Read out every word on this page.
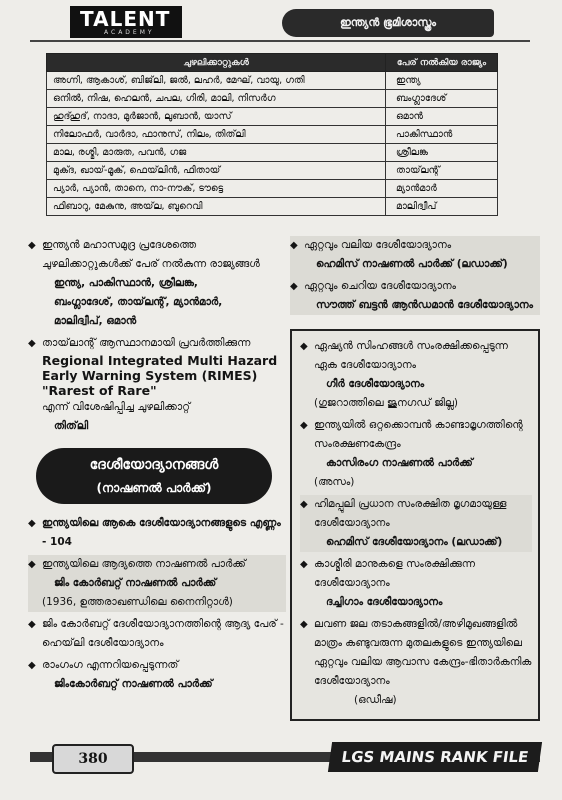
TALENT
ACADEMY
ഇന്ത്യൻ ഭൂമിശാസ്ത്രം
ചുഴലിക്കാറ്റുകൾ	പേര് നൽകിയ രാജ്യം
അഗ്നി, ആകാശ്, ബിജ്‌ലി, ജൽ, ലഹർ, മേഘ്, വായു, ഗതി	ഇന്ത്യ
ഒനിൽ, നിഷ, ഹെലൻ, ചപല, ഗിരി, മാലി, നിസർഗ	ബംഗ്ലാദേശ്
ഹുദ്ഹുദ്, നാദാ, മുർജാൻ, ലുബാൻ, യാസ്	ഒമാൻ
നിലോഫർ, വാർദാ, ഫാനുസ്, നിലം, തിത്‌ലി	പാകിസ്ഥാൻ
മാല, രശ്മി, മാരുത, പവൻ, ഗജ	ശ്രീലങ്ക
മുക്ദ, ഖായ്-മൂക്, ഫെയ്‌ലിൻ, ഫിതായ്	തായ്‌ലന്റ്
പ്യാർ, പ്യാൻ, താനെ, നാ-നൗക്, ടൗട്ടെ	മ്യാൻമാർ
ഫിബാറു, മേകുനു, അയ്‌ല, ബുറെവി	മാലിദ്വീപ്
◆ ഇന്ത്യൻ മഹാസമുദ്ര പ്രദേശത്തെ ചുഴലിക്കാറ്റുകൾക്ക് പേര് നൽകുന്ന രാജ്യങ്ങൾ
ഇന്ത്യ, പാകിസ്ഥാൻ, ശ്രീലങ്ക,
ബംഗ്ലാദേശ്, തായ്‌ലന്റ്, മ്യാൻമാർ,
മാലിദ്വീപ്, ഒമാൻ
◆ തായ്‌ലാന്റ് ആസ്ഥാനമായി പ്രവർത്തിക്കുന്ന
Regional Integrated Multi Hazard Early Warning System (RIMES) "Rarest of Rare"
എന്ന് വിശേഷിപ്പിച്ച ചുഴലിക്കാറ്റ്
തിത്‌ലി
ദേശീയോദ്യാനങ്ങൾ
(നാഷണൽ പാർക്ക്)
◆ ഇന്ത്യയിലെ ആകെ ദേശീയോദ്യാനങ്ങളുടെ എണ്ണം - 104
◆ ഇന്ത്യയിലെ ആദ്യത്തെ നാഷണൽ പാർക്ക്
ജിം കോർബറ്റ് നാഷണൽ പാർക്ക്
(1936, ഉത്തരാഖണ്ഡിലെ നൈനിറ്റാൾ)
◆ ജിം കോർബറ്റ് ദേശീയോദ്യാനത്തിന്റെ ആദ്യ പേര് - ഹെയ്‌ലി ദേശീയോദ്യാനം
◆ രാംഗംഗ എന്നറിയപ്പെടുന്നത്
ജിംകോർബറ്റ് നാഷണൽ പാർക്ക്
◆ ഏറ്റവും വലിയ ദേശീയോദ്യാനം
ഹെമിസ് നാഷണൽ പാർക്ക് (ലഡാക്ക്)
◆ ഏറ്റവും ചെറിയ ദേശീയോദ്യാനം
സൗത്ത് ബട്ടൻ ആൻഡമാൻ ദേശീയോദ്യാനം
◆ ഏഷ്യൻ സിംഹങ്ങൾ സംരക്ഷിക്കപ്പെടുന്ന ഏക ദേശീയോദ്യാനം
ഗീർ ദേശീയോദ്യാനം
(ഗുജറാത്തിലെ ജുനഗഡ് ജില്ല)
◆ ഇന്ത്യയിൽ ഒറ്റക്കൊമ്പൻ കാണ്ടാമൃഗത്തിന്റെ സംരക്ഷണകേന്ദ്രം
കാസിരംഗ നാഷണൽ പാർക്ക്
(അസം)
◆ ഹിമപ്പുലി പ്രധാന സംരക്ഷിത മൃഗമായുള്ള ദേശീയോദ്യാനം
ഹെമിസ് ദേശീയോദ്യാനം (ലഡാക്ക്)
◆ കാശ്മീരി മാനുകളെ സംരക്ഷിക്കുന്ന ദേശീയോദ്യാനം
ദച്ചിഗാം ദേശീയോദ്യാനം
◆ ലവണ ജല തടാകങ്ങളിൽ/അഴിമുഖങ്ങളിൽ മാത്രം കണ്ടുവരുന്ന മുതലകളുടെ ഇന്ത്യയിലെ ഏറ്റവും വലിയ ആവാസ കേന്ദ്രം-ഭിതാർകനിക ദേശീയോദ്യാനം
(ഒഡീഷ)
380	LGS MAINS RANK FILE
